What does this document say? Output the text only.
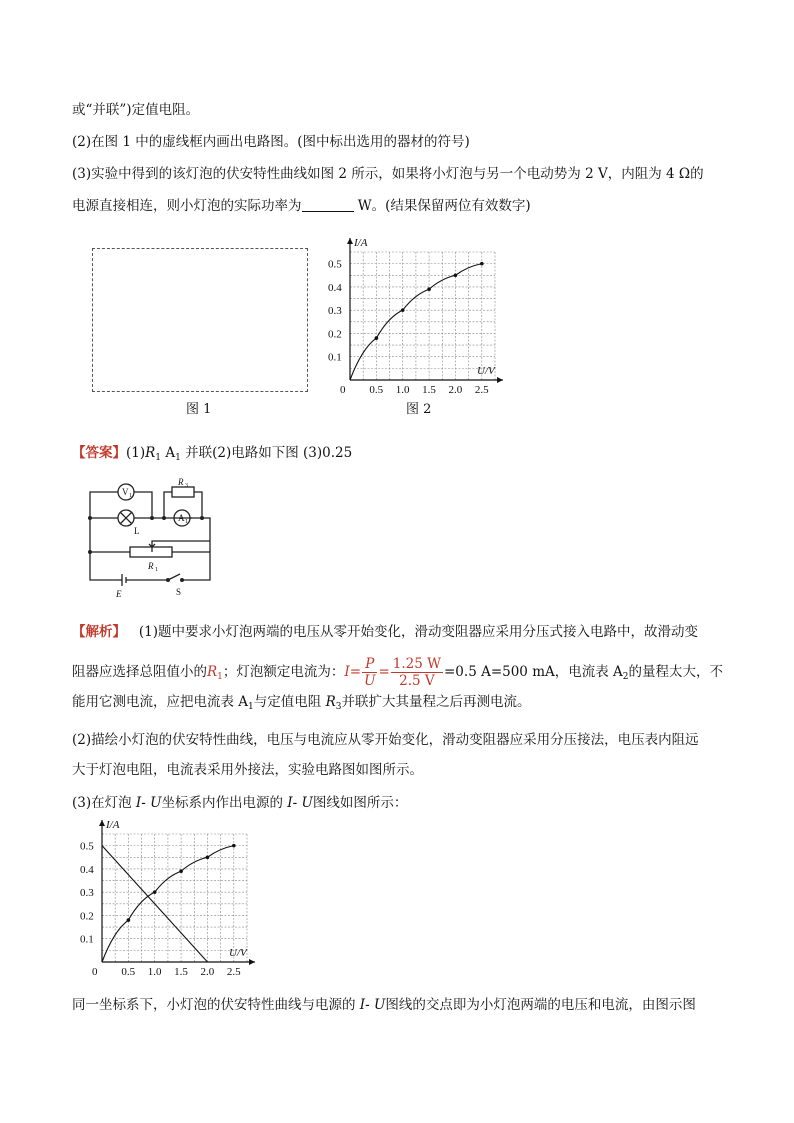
或“并联”)定值电阻。
(2)在图 1 中的虚线框内画出电路图。(图中标出选用的器材的符号)
(3)实验中得到的该灯泡的伏安特性曲线如图 2 所示，如果将小灯泡与另一个电动势为 2 V，内阻为 4 Ω的
电源直接相连，则小灯泡的实际功率为	W。(结果保留两位有效数字)
图 1
0.5 1.0 1.5 2.0 2.5
0.1
0.2
0.3
0.4
0.5
0
I/A
U/V
图 2
【答案】$(1)R_1$ $A_1$ 并联(2)电路如下图 (3)0.25
V 1
R 3
A 1
L
R 1
E	S
【解析】 (1)题中要求小灯泡两端的电压从零开始变化，滑动变阻器应采用分压式接入电路中，故滑动变
阻器应选择总阻值小的$R_1$；灯泡额定电流为：$I= \frac{P}{U} = \frac{1.25 W}{2.5 V} =0.5$ A=500 mA，电流表 $A_2$的量程太大，不
能用它测电流，应把电流表 $A_1$与定值电阻 $R_3$并联扩大其量程之后再测电流。
(2)描绘小灯泡的伏安特性曲线，电压与电流应从零开始变化，滑动变阻器应采用分压接法，电压表内阻远
大于灯泡电阻，电流表采用外接法，实验电路图如图所示。
(3)在灯泡 I- U坐标系内作出电源的 I- U图线如图所示：
0.5 1.0 1.5 2.0 2.5
0.1
0.2
0.3
0.4
0.5
0
I/A
U/V
同一坐标系下，小灯泡的伏安特性曲线与电源的 I- U图线的交点即为小灯泡两端的电压和电流，由图示图
